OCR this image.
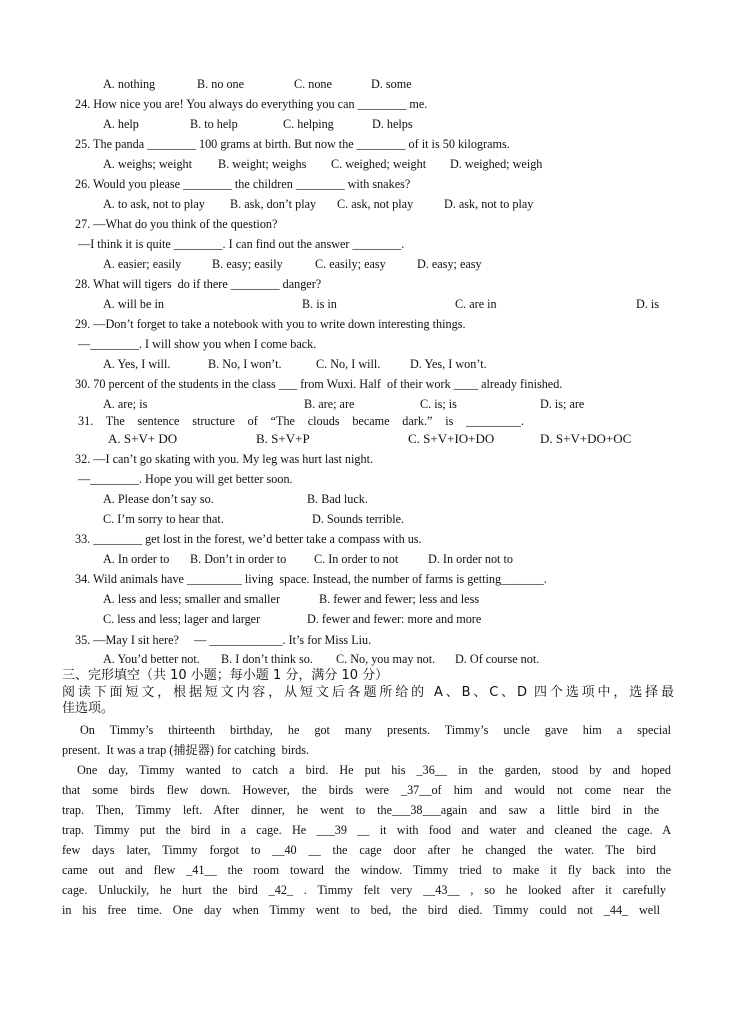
A. nothing	B. no one	C. none	D. some
24. How nice you are! You always do everything you can ________ me.
A. help	B. to help	C. helping	D. helps
25. The panda ________ 100 grams at birth. But now the ________ of it is 50 kilograms.
A. weighs; weight B. weight; weighs C. weighed; weight D. weighed; weigh
26. Would you please ________ the children ________ with snakes?
A. to ask, not to play B. ask, don’t play C. ask, not play	D. ask, not to play
27. —What do you think of the question?
—I think it is quite ________. I can find out the answer ________.
A. easier; easily	B. easy; easily	C. easily; easy	D. easy; easy
28. What will tigers  do if there ________ danger?
A. will be in	B. is in	C. are in	D. is
29. —Don’t forget to take a notebook with you to write down interesting things.
—________. I will show you when I come back.
A. Yes, I will.	B. No, I won’t.	C. No, I will. D. Yes, I won’t.
30. 70 percent of the students in the class ___ from Wuxi. Half  of their work ____ already finished.
A. are; is	B. are; are	C. is; is	D. is; are
31. The sentence structure of “The clouds became dark.” is _________.
A. S+V+ DO	B. S+V+P	C. S+V+IO+DO	D. S+V+DO+OC
32. —I can’t go skating with you. My leg was hurt last night.
—________. Hope you will get better soon.
A. Please don’t say so.	B. Bad luck.
C. I’m sorry to hear that.	D. Sounds terrible.
33. ________ get lost in the forest, we’d better take a compass with us.
A. In order to B. Don’t in order to C. In order to not D. In order not to
34. Wild animals have _________ living  space. Instead, the number of farms is getting_______.
A. less and less; smaller and smaller	B. fewer and fewer; less and less
C. less and less; lager and larger	D. fewer and fewer: more and more
35. —May I sit here?     — ____________. It’s for Miss Liu.
A. You’d better not. B. I don’t think so. C. No, you may not. D. Of course not.
三、完形填空（共 10 小题；每小题 1 分，满分 10 分）
阅读下面短文，根据短文内容，从短文后各题所给的 A、B、C、D 四个选项中，选择最
佳选项。
On Timmy’s thirteenth birthday, he got many presents. Timmy’s uncle gave him a special
present.  It was a trap (捕捉器) for catching  birds.
One day, Timmy wanted to catch a bird. He put his _36__ in the garden, stood by and hoped
that some birds flew down. However, the birds were _37__of him and would not come near the
trap. Then, Timmy left. After dinner, he went to the___38___again and saw a little bird in the
trap. Timmy put the bird in a cage. He ___39 __ it with food and water and cleaned the cage. A
few days later, Timmy forgot to __40 __ the cage door after he changed the water. The bird
came out and flew _41__ the room toward the window. Timmy tried to make it fly back into the
cage. Unluckily, he hurt the bird _42_ . Timmy felt very __43__ , so he looked after it carefully
in his free time. One day when Timmy went to bed, the bird died. Timmy could not _44_ well
